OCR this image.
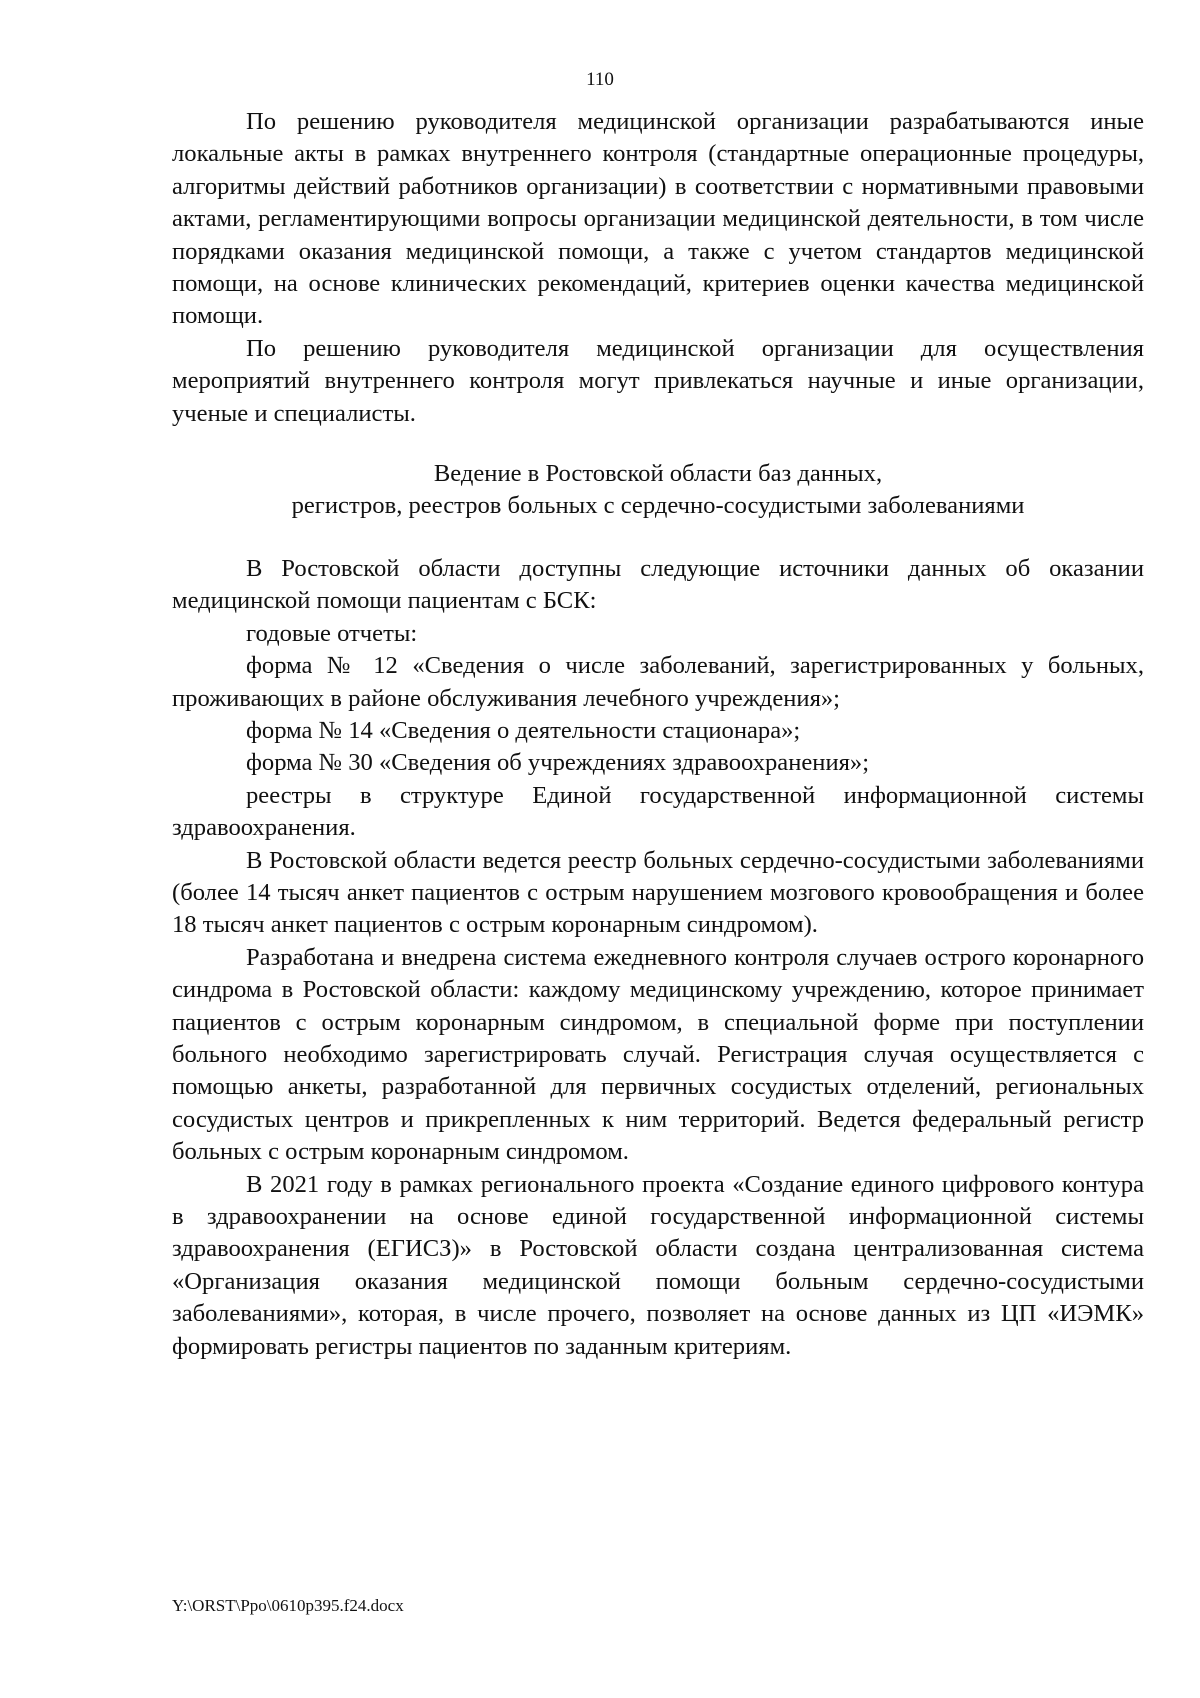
110

По решению руководителя медицинской организации разрабатываются иные локальные акты в рамках внутреннего контроля (стандартные операционные процедуры, алгоритмы действий работников организации) в соответствии с нормативными правовыми актами, регламентирующими вопросы организации медицинской деятельности, в том числе порядками оказания медицинской помощи, а также с учетом стандартов медицинской помощи, на основе клинических рекомендаций, критериев оценки качества медицинской помощи.

По решению руководителя медицинской организации для осуществления мероприятий внутреннего контроля могут привлекаться научные и иные организации, ученые и специалисты.

Ведение в Ростовской области баз данных,
регистров, реестров больных с сердечно-сосудистыми заболеваниями

В Ростовской области доступны следующие источники данных об оказании медицинской помощи пациентам с БСК:

годовые отчеты:

форма № 12 «Сведения о числе заболеваний, зарегистрированных у больных, проживающих в районе обслуживания лечебного учреждения»;

форма № 14 «Сведения о деятельности стационара»;

форма № 30 «Сведения об учреждениях здравоохранения»;

реестры в структуре Единой государственной информационной системы здравоохранения.

В Ростовской области ведется реестр больных сердечно-сосудистыми заболеваниями (более 14 тысяч анкет пациентов с острым нарушением мозгового кровообращения и более 18 тысяч анкет пациентов с острым коронарным синдромом).

Разработана и внедрена система ежедневного контроля случаев острого коронарного синдрома в Ростовской области: каждому медицинскому учреждению, которое принимает пациентов с острым коронарным синдромом, в специальной форме при поступлении больного необходимо зарегистрировать случай. Регистрация случая осуществляется с помощью анкеты, разработанной для первичных сосудистых отделений, региональных сосудистых центров и прикрепленных к ним территорий. Ведется федеральный регистр больных с острым коронарным синдромом.

В 2021 году в рамках регионального проекта «Создание единого цифрового контура в здравоохранении на основе единой государственной информационной системы здравоохранения (ЕГИСЗ)» в Ростовской области создана централизованная система «Организация оказания медицинской помощи больным сердечно-сосудистыми заболеваниями», которая, в числе прочего, позволяет на основе данных из ЦП «ИЭМК» формировать регистры пациентов по заданным критериям.

Y:\ORST\Ppo\0610p395.f24.docx
